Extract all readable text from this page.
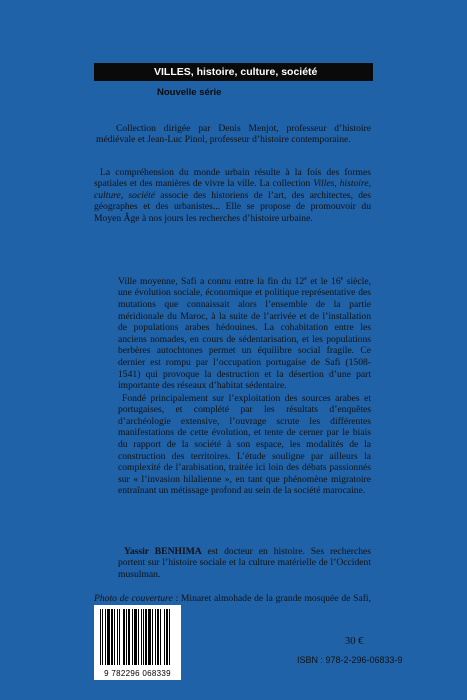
VILLES, histoire, culture, société
Nouvelle série

Collection dirigée par Denis Menjot, professeur d’histoire médiévale et Jean-Luc Pinol, professeur d’histoire contemporaine.

La compréhension du monde urbain résulte à la fois des formes spatiales et des manières de vivre la ville. La collection Villes, histoire, culture, société associe des historiens de l’art, des architectes, des géographes et des urbanistes... Elle se propose de promouvoir du Moyen Âge à nos jours les recherches d’histoire urbaine.

Ville moyenne, Safi a connu entre la fin du 12e et le 16e siècle, une évolution sociale, économique et politique représentative des mutations que connaissait alors l’ensemble de la partie méridionale du Maroc, à la suite de l’arrivée et de l’installation de populations arabes hédouines. La cohabitation entre les anciens nomades, en cours de sédentarisation, et les populations berbères autochtones permet un équilibre social fragile. Ce dernier est rompu par l’occupation portugaise de Safi (1508-1541) qui provoque la destruction et la désertion d’une part importante des réseaux d’habitat sédentaire.

Fondé principalement sur l’exploitation des sources arabes et portugaises, et complété par les résultats d’enquêtes d’archéologie extensive, l’ouvrage scrute les différentes manifestations de cette évolution, et tente de cerner par le biais du rapport de la société à son espace, les modalités de la construction des territoires. L’étude souligne par ailleurs la complexité de l’arabisation, traitée ici loin des débats passionnés sur « l’invasion hilalienne », en tant que phénomène migratoire entraînant un métissage profond au sein de la société marocaine.

Yassir BENHIMA est docteur en histoire. Ses recherches portent sur l’histoire sociale et la culture matérielle de l’Occident musulman.

Photo de couverture : Minaret almohade de la grande mosquée de Safi,

9 782296 068339
30 €
ISBN : 978-2-296-06833-9
